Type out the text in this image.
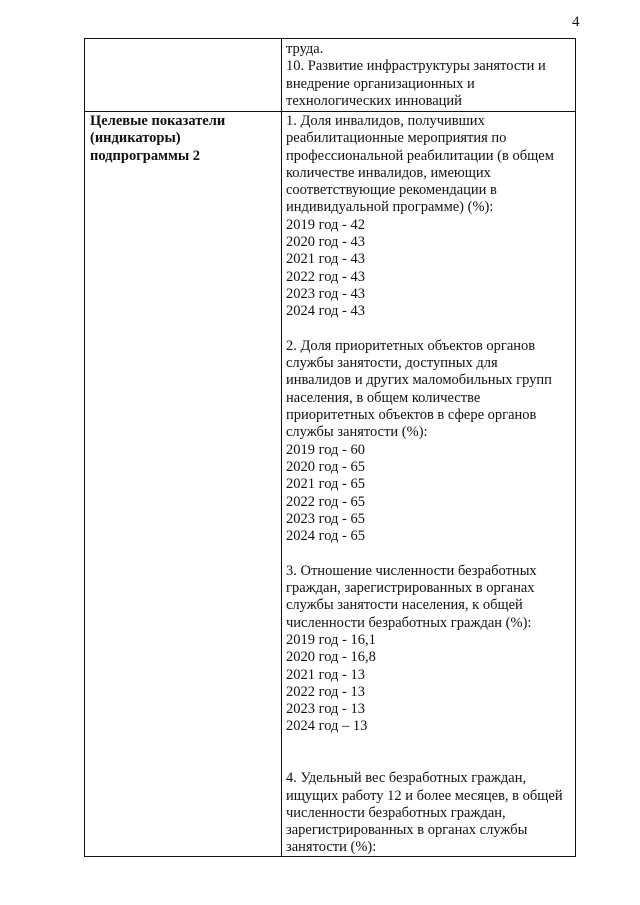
4
труда.
10. Развитие инфраструктуры занятости и
внедрение организационных и
технологических инноваций
Целевые показатели
(индикаторы)
подпрограммы 2
1. Доля инвалидов, получивших
реабилитационные мероприятия по
профессиональной реабилитации (в общем
количестве инвалидов, имеющих
соответствующие рекомендации в
индивидуальной программе) (%):
2019 год - 42
2020 год - 43
2021 год - 43
2022 год - 43
2023 год - 43
2024 год - 43
2. Доля приоритетных объектов органов
службы занятости, доступных для
инвалидов и других маломобильных групп
населения, в общем количестве
приоритетных объектов в сфере органов
службы занятости (%):
2019 год - 60
2020 год - 65
2021 год - 65
2022 год - 65
2023 год - 65
2024 год - 65
3. Отношение численности безработных
граждан, зарегистрированных в органах
службы занятости населения, к общей
численности безработных граждан (%):
2019 год - 16,1
2020 год - 16,8
2021 год - 13
2022 год - 13
2023 год - 13
2024 год – 13
4. Удельный вес безработных граждан,
ищущих работу 12 и более месяцев, в общей
численности безработных граждан,
зарегистрированных в органах службы
занятости (%):
